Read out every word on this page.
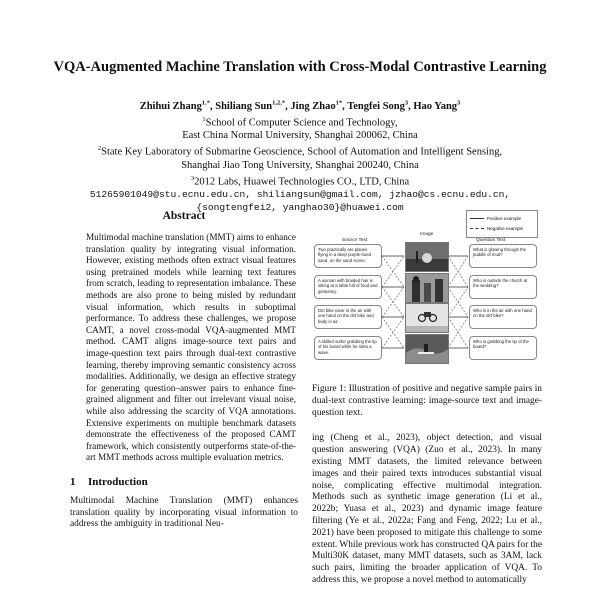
VQA-Augmented Machine Translation with Cross-Modal Contrastive Learning
Zhihui Zhang$^{1,*}$, Shiliang Sun$^{1,2,*}$, Jing Zhao$^{1*}$, Tengfei Song$^3$, Hao Yang$^3$
$^1$School of Computer Science and Technology,
East China Normal University, Shanghai 200062, China
$^2$State Key Laboratory of Submarine Geoscience, School of Automation and Intelligent Sensing,
Shanghai Jiao Tong University, Shanghai 200240, China
$^3$2012 Labs, Huawei Technologies CO., LTD, China
51265901049@stu.ecnu.edu.cn, shiliangsun@gmail.com, jzhao@cs.ecnu.edu.cn,
{songtengfei2, yanghao30}@huawei.com
Abstract
Multimodal machine translation (MMT) aims to enhance translation quality by integrating visual information. However, existing methods often extract visual features using pretrained models while learning text features from scratch, leading to representation imbalance. These methods are also prone to being misled by redundant visual information, which results in suboptimal performance. To address these challenges, we propose CAMT, a novel cross-modal VQA-augmented MMT method. CAMT aligns image-source text pairs and image-question text pairs through dual-text contrastive learning, thereby improving semantic consistency across modalities. Additionally, we design an effective strategy for generating question–answer pairs to enhance fine-grained alignment and filter out irrelevant visual noise, while also addressing the scarcity of VQA annotations. Extensive experiments on multiple benchmark datasets demonstrate the effectiveness of the proposed CAMT framework, which consistently outperforms state-of-the-art MMT methods across multiple evaluation metrics.
1 Introduction
Multimodal Machine Translation (MMT) enhances translation quality by incorporating visual information to address the ambiguity in traditional Neu-
Positive example
Negative example
Source Text
Image
Question Text
Two practically are planes flying in a deep purple-hued sand, on the sand scene.
A woman with braided hair is sitting at a table full of food and gesturing.
Dirt bike racer in the air with one hand on the dirt bike and body in air.
A skilled surfer grabbing the tip of his board while he rides a wave.
What is glowing through the puddle of mud?
Who is outside the church at the wedding?
Who is in the air with one hand on the dirt bike?
Who is grabbing the tip of the board?
Figure 1: Illustration of positive and negative sample pairs in dual-text contrastive learning: image-source text and image-question text.
ing (Cheng et al., 2023), object detection, and visual question answering (VQA) (Zuo et al., 2023). In many existing MMT datasets, the limited relevance between images and their paired texts introduces substantial visual noise, complicating effective multimodal integration. Methods such as synthetic image generation (Li et al., 2022b; Yuasa et al., 2023) and dynamic image feature filtering (Ye et al., 2022a; Fang and Feng, 2022; Lu et al., 2021) have been proposed to mitigate this challenge to some extent. While previous work has constructed QA pairs for the Multi30K dataset, many MMT datasets, such as 3AM, lack such pairs, limiting the broader application of VQA. To address this, we propose a novel method to automatically
